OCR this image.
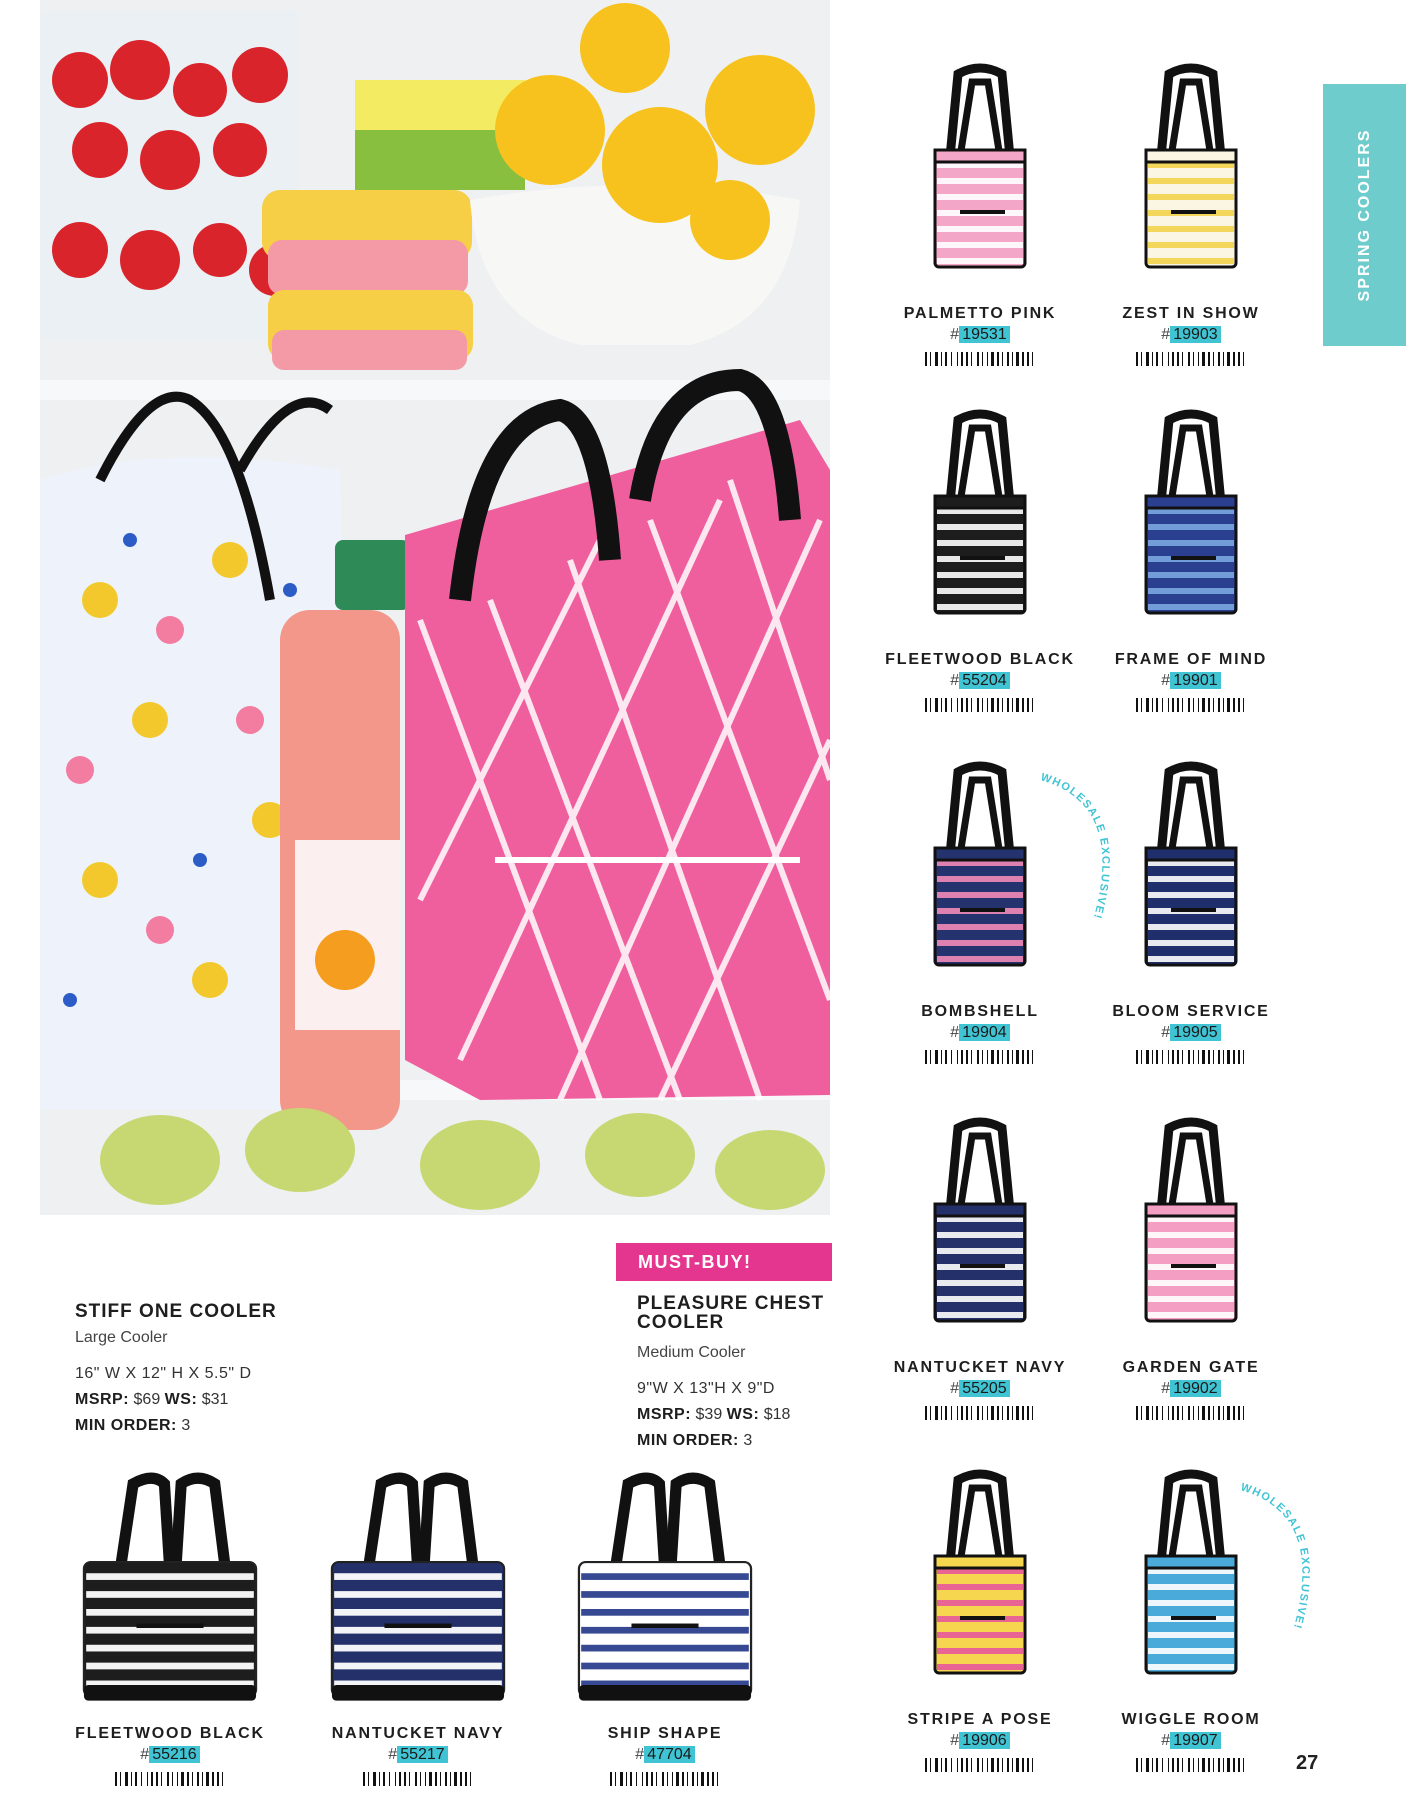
SPRING COOLERS
WHOLESALE EXCLUSIVE!
WHOLESALE EXCLUSIVE!
STIFF ONE COOLER
Large Cooler
16" W X 12" H X 5.5" D
MSRP: $69 WS: $31
MIN ORDER: 3
MUST-BUY!
PLEASURE CHEST
COOLER
Medium Cooler
9"W X 13"H X 9"D
MSRP: $39 WS: $18
MIN ORDER: 3
27
PALMETTO PINK
# 19531
ZEST IN SHOW
# 19903
FLEETWOOD BLACK
# 55204
FRAME OF MIND
# 19901
BOMBSHELL
# 19904
BLOOM SERVICE
# 19905
NANTUCKET NAVY
# 55205
GARDEN GATE
# 19902
STRIPE A POSE
# 19906
WIGGLE ROOM
# 19907
FLEETWOOD BLACK
# 55216
NANTUCKET NAVY
# 55217
SHIP SHAPE
# 47704
